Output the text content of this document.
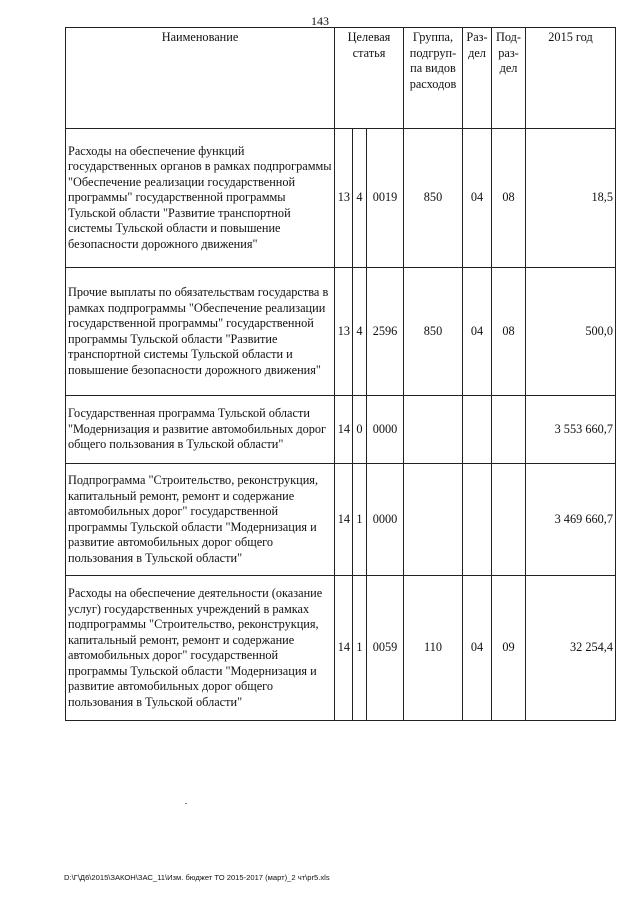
143
Наименование	Целевая статья			Группа, подгруп-па видов расходов	Раз-дел	Под-раз-дел	2015 год
Расходы на обеспечение функций государственных органов в рамках подпрограммы "Обеспечение реализации государственной программы" государственной программы Тульской области "Развитие транспортной системы Тульской области и повышение безопасности дорожного движения"	13	4	0019	850	04	08	18,5
Прочие выплаты по обязательствам государства в рамках подпрограммы "Обеспечение реализации государственной программы" государственной программы Тульской области "Развитие транспортной системы Тульской области и повышение безопасности дорожного движения"	13	4	2596	850	04	08	500,0
Государственная программа Тульской области "Модернизация и развитие автомобильных дорог общего пользования в Тульской области"	14	0	0000				3 553 660,7
Подпрограмма "Строительство, реконструкция, капитальный ремонт, ремонт и содержание автомобильных дорог" государственной программы Тульской области "Модернизация и развитие автомобильных дорог общего пользования в Тульской области"	14	1	0000				3 469 660,7
Расходы на обеспечение деятельности (оказание услуг) государственных учреждений в рамках подпрограммы "Строительство, реконструкция, капитальный ремонт, ремонт и содержание автомобильных дорог" государственной программы Тульской области "Модернизация и развитие автомобильных дорог общего пользования в Тульской области"	14	1	0059	110	04	09	32 254,4
D:\Г\Д6\2015\ЗАКОН\ЗАС_11\Изм. бюджет ТО 2015-2017 (март)_2 чт\pr5.xls
